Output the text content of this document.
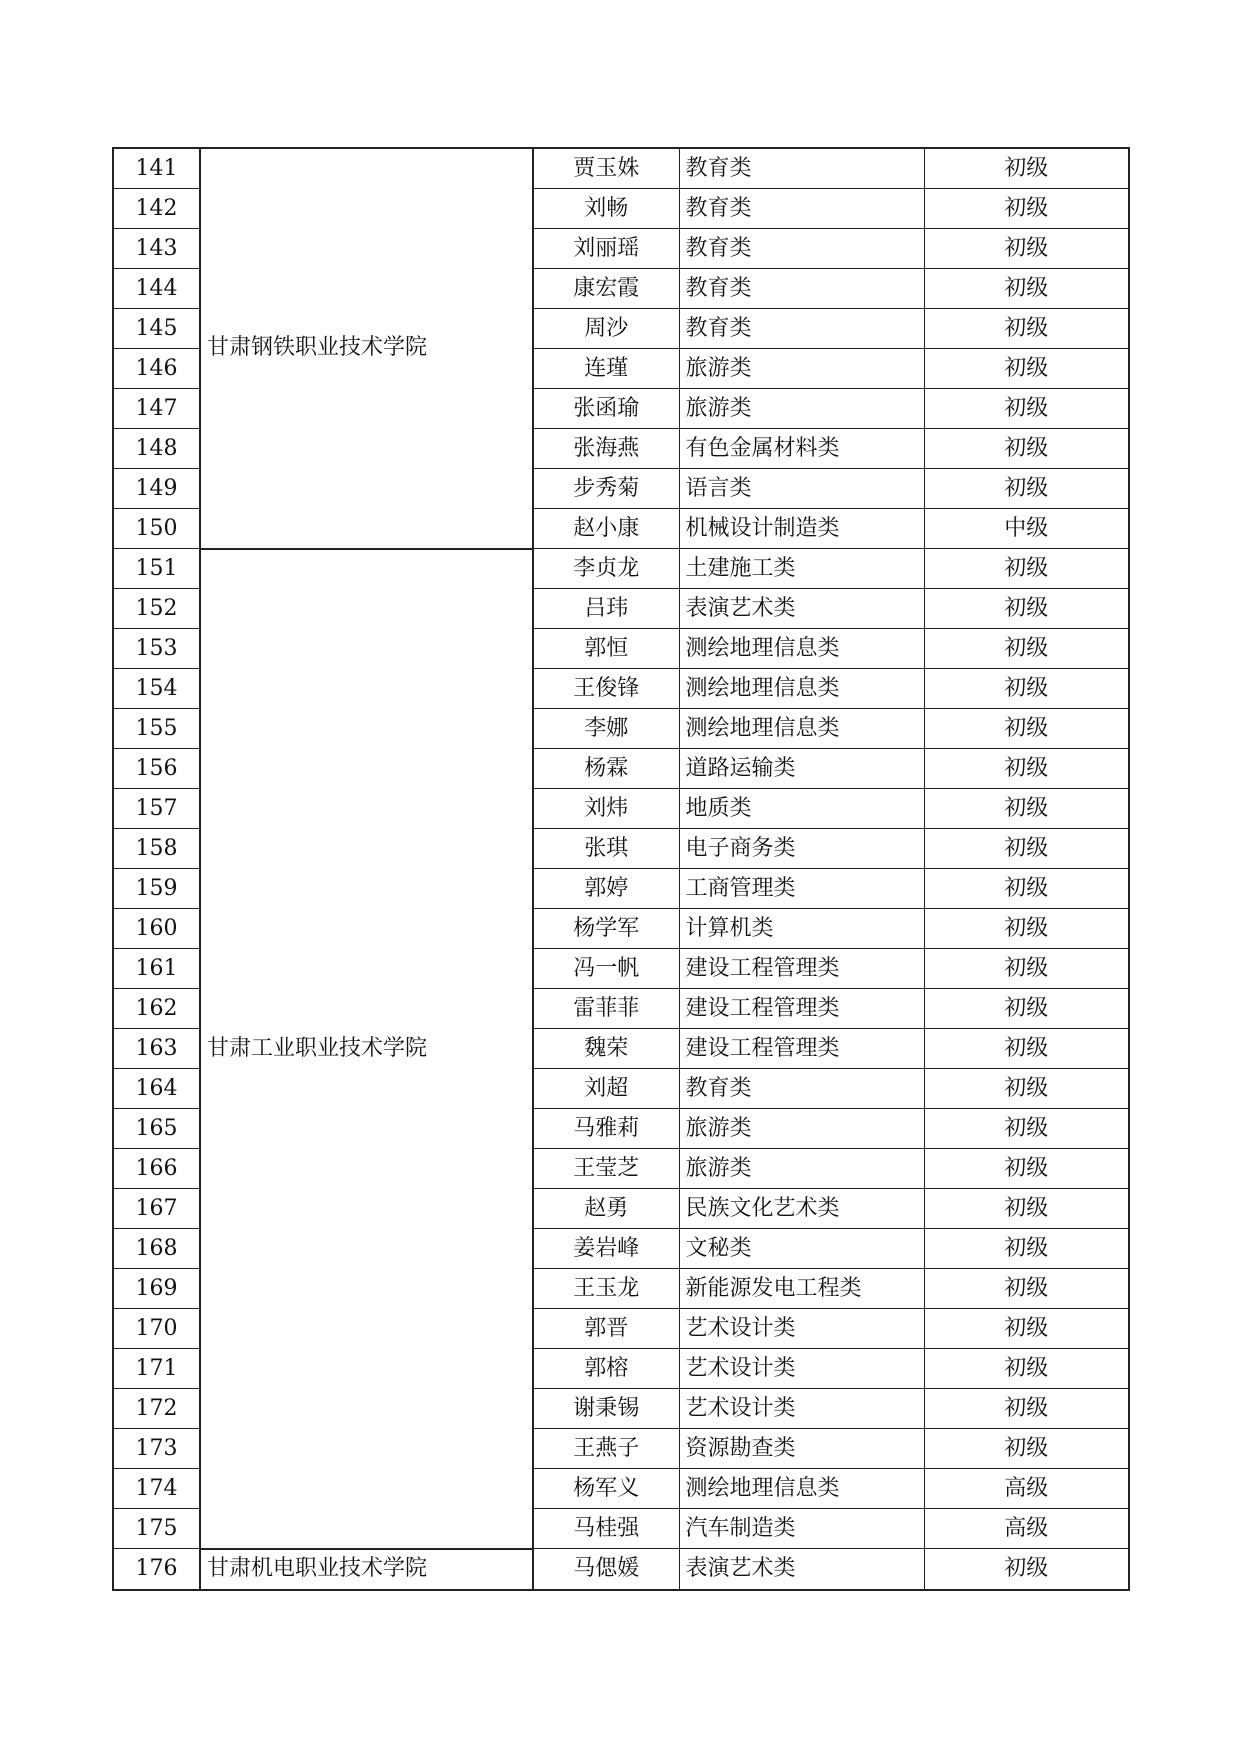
141	甘肃钢铁职业技术学院	贾玉姝	教育类	初级
142		刘畅	教育类	初级
143		刘丽瑶	教育类	初级
144		康宏霞	教育类	初级
145		周沙	教育类	初级
146		连瑾	旅游类	初级
147		张函瑜	旅游类	初级
148		张海燕	有色金属材料类	初级
149		步秀菊	语言类	初级
150		赵小康	机械设计制造类	中级
151	甘肃工业职业技术学院	李贞龙	土建施工类	初级
152		吕玮	表演艺术类	初级
153		郭恒	测绘地理信息类	初级
154		王俊锋	测绘地理信息类	初级
155		李娜	测绘地理信息类	初级
156		杨霖	道路运输类	初级
157		刘炜	地质类	初级
158		张琪	电子商务类	初级
159		郭婷	工商管理类	初级
160		杨学军	计算机类	初级
161		冯一帆	建设工程管理类	初级
162		雷菲菲	建设工程管理类	初级
163		魏荣	建设工程管理类	初级
164		刘超	教育类	初级
165		马雅莉	旅游类	初级
166		王莹芝	旅游类	初级
167		赵勇	民族文化艺术类	初级
168		姜岩峰	文秘类	初级
169		王玉龙	新能源发电工程类	初级
170		郭晋	艺术设计类	初级
171		郭榕	艺术设计类	初级
172		谢秉锡	艺术设计类	初级
173		王燕子	资源勘查类	初级
174		杨军义	测绘地理信息类	高级
175		马桂强	汽车制造类	高级
176	甘肃机电职业技术学院	马偲媛	表演艺术类	初级
